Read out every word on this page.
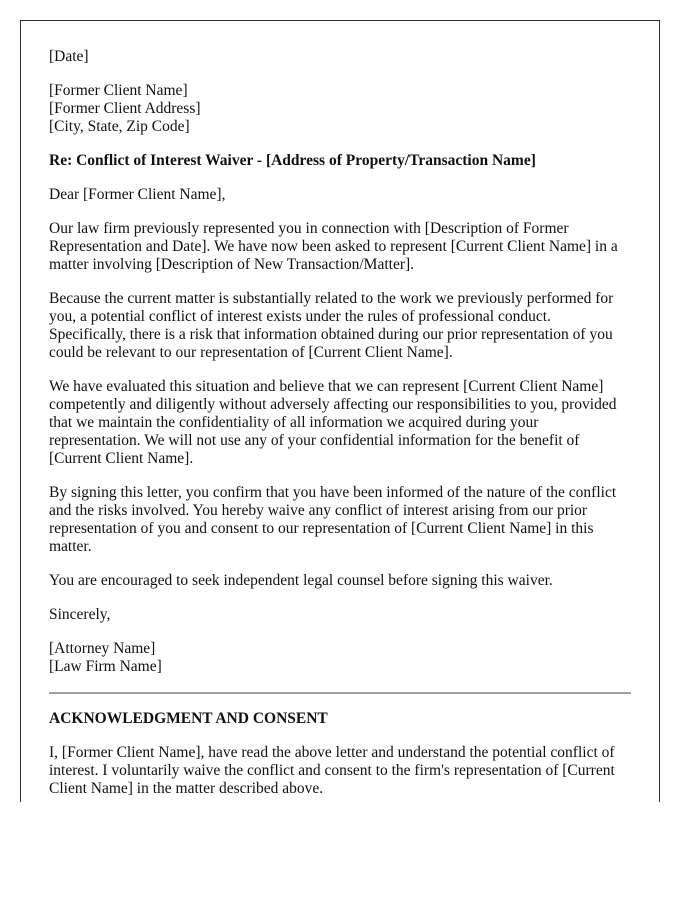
[Date]

[Former Client Name]
[Former Client Address]
[City, State, Zip Code]

Re: Conflict of Interest Waiver - [Address of Property/Transaction Name]

Dear [Former Client Name],

Our law firm previously represented you in connection with [Description of Former Representation and Date]. We have now been asked to represent [Current Client Name] in a matter involving [Description of New Transaction/Matter].

Because the current matter is substantially related to the work we previously performed for you, a potential conflict of interest exists under the rules of professional conduct. Specifically, there is a risk that information obtained during our prior representation of you could be relevant to our representation of [Current Client Name].

We have evaluated this situation and believe that we can represent [Current Client Name] competently and diligently without adversely affecting our responsibilities to you, provided that we maintain the confidentiality of all information we acquired during your representation. We will not use any of your confidential information for the benefit of [Current Client Name].

By signing this letter, you confirm that you have been informed of the nature of the conflict and the risks involved. You hereby waive any conflict of interest arising from our prior representation of you and consent to our representation of [Current Client Name] in this matter.

You are encouraged to seek independent legal counsel before signing this waiver.

Sincerely,

[Attorney Name]
[Law Firm Name]

ACKNOWLEDGMENT AND CONSENT

I, [Former Client Name], have read the above letter and understand the potential conflict of interest. I voluntarily waive the conflict and consent to the firm's representation of [Current Client Name] in the matter described above.
